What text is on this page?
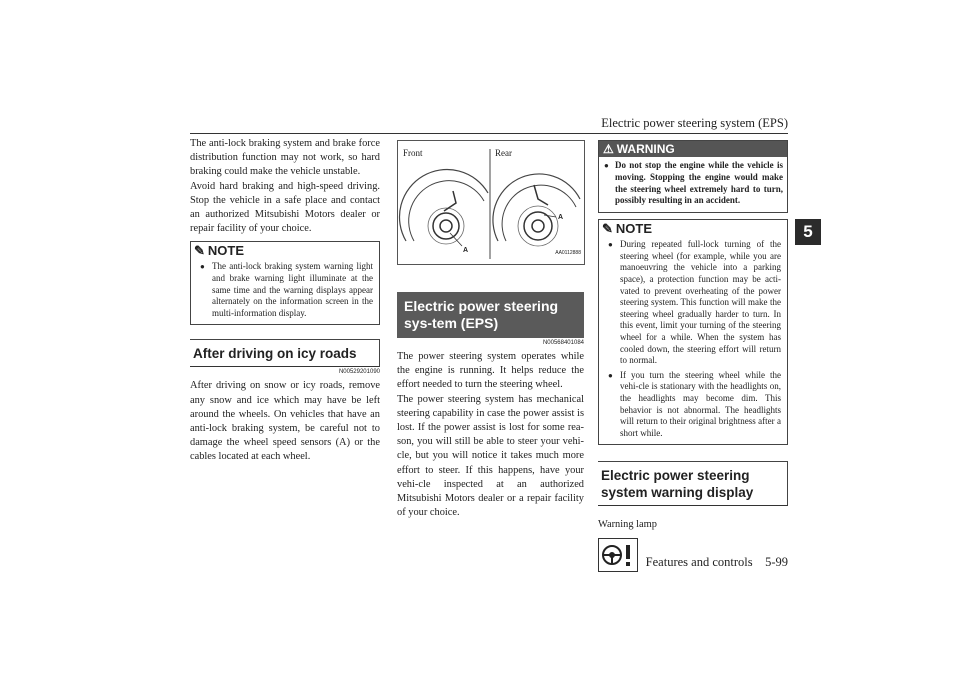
Electric power steering system (EPS)
5

The anti-lock braking system and brake force distribution function may not work, so hard braking could make the vehicle unstable.

Avoid hard braking and high-speed driving. Stop the vehicle in a safe place and contact an authorized Mitsubishi Motors dealer or repair facility of your choice.

✎ NOTE
● The anti-lock braking system warning light and brake warning light illuminate at the same time and the warning displays appear alternately on the information screen in the multi-information display.
After driving on icy roads
N00529201090

After driving on snow or icy roads, remove any snow and ice which may have be left around the wheels. On vehicles that have an anti-lock braking system, be careful not to damage the wheel speed sensors (A) or the cables located at each wheel.

Front	Rear
A
A
AA0112888
Electric power steering sys-tem (EPS)
N00568401084

The power steering system operates while the engine is running. It helps reduce the effort needed to turn the steering wheel.

The power steering system has mechanical steering capability in case the power assist is lost. If the power assist is lost for some rea-son, you will still be able to steer your vehi-cle, but you will notice it takes much more effort to steer. If this happens, have your vehi-cle inspected at an authorized Mitsubishi Motors dealer or a repair facility of your choice.

⚠ WARNING
● Do not stop the engine while the vehicle is moving. Stopping the engine would make the steering wheel extremely hard to turn, possibly resulting in an accident.
✎ NOTE
● During repeated full-lock turning of the steering wheel (for example, while you are manoeuvring the vehicle into a parking space), a protection function may be acti-vated to prevent overheating of the power steering system. This function will make the steering wheel gradually harder to turn. In this event, limit your turning of the steering wheel for a while. When the system has cooled down, the steering effort will return to normal.
● If you turn the steering wheel while the vehi-cle is stationary with the headlights on, the headlights may become dim. This behavior is not abnormal. The headlights will return to their original brightness after a short while.
Electric power steering system warning display

Warning lamp

Features and controls    5-99
